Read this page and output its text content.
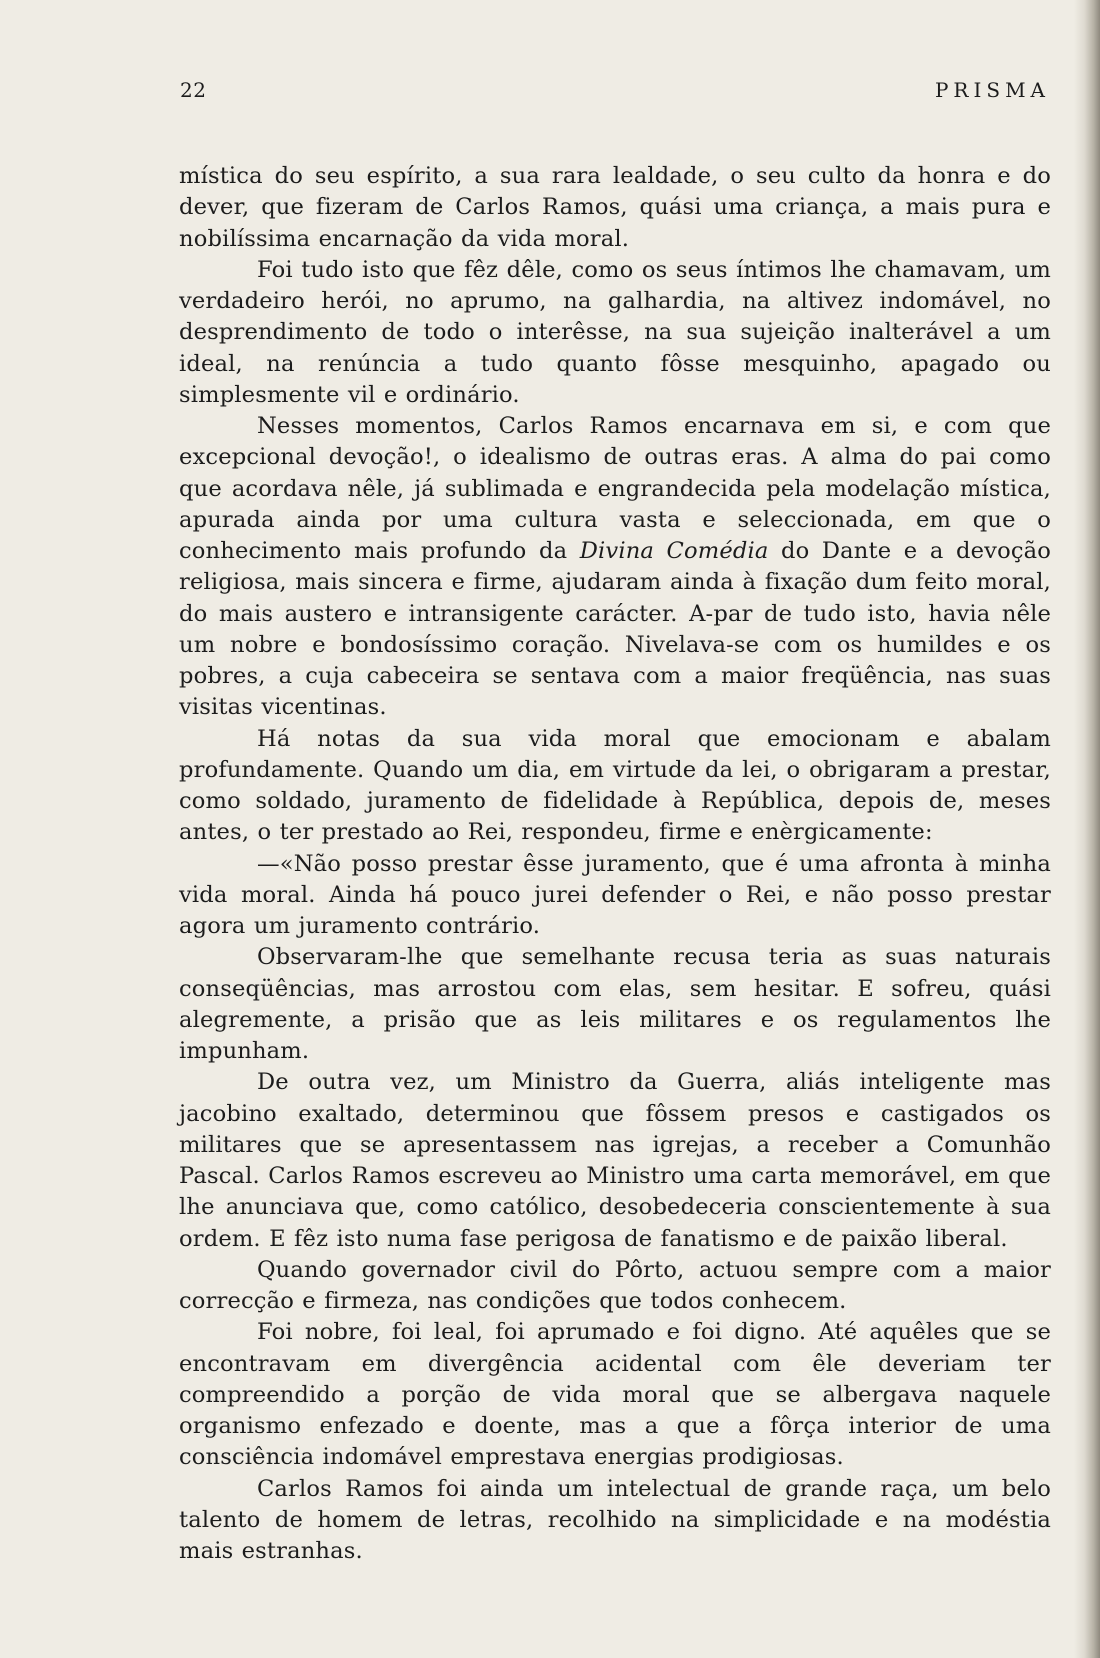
22	PRISMA

mística do seu espírito, a sua rara lealdade, o seu culto da honra e do dever, que fizeram de Carlos Ramos, quási uma criança, a mais pura e nobilíssima encarnação da vida moral.

Foi tudo isto que fêz dêle, como os seus íntimos lhe chamavam, um verdadeiro herói, no aprumo, na galhardia, na altivez indomável, no desprendimento de todo o interêsse, na sua sujeição inalterável a um ideal, na renúncia a tudo quanto fôsse mesquinho, apagado ou simplesmente vil e ordinário.

Nesses momentos, Carlos Ramos encarnava em si, e com que excepcional devoção!, o idealismo de outras eras. A alma do pai como que acordava nêle, já sublimada e engrandecida pela modelação mística, apurada ainda por uma cultura vasta e seleccionada, em que o conhecimento mais profundo da Divina Comédia do Dante e a devoção religiosa, mais sincera e firme, ajudaram ainda à fixação dum feito moral, do mais austero e intransigente carácter. A-par de tudo isto, havia nêle um nobre e bondosíssimo coração. Nivelava-se com os humildes e os pobres, a cuja cabeceira se sentava com a maior freqüência, nas suas visitas vicentinas.

Há notas da sua vida moral que emocionam e abalam profundamente. Quando um dia, em virtude da lei, o obrigaram a prestar, como soldado, juramento de fidelidade à República, depois de, meses antes, o ter prestado ao Rei, respondeu, firme e enèrgicamente:

—«Não posso prestar êsse juramento, que é uma afronta à minha vida moral. Ainda há pouco jurei defender o Rei, e não posso prestar agora um juramento contrário.

Observaram-lhe que semelhante recusa teria as suas naturais conseqüências, mas arrostou com elas, sem hesitar. E sofreu, quási alegremente, a prisão que as leis militares e os regulamentos lhe impunham.

De outra vez, um Ministro da Guerra, aliás inteligente mas jacobino exaltado, determinou que fôssem presos e castigados os militares que se apresentassem nas igrejas, a receber a Comunhão Pascal. Carlos Ramos escreveu ao Ministro uma carta memorável, em que lhe anunciava que, como católico, desobedeceria conscientemente à sua ordem. E fêz isto numa fase perigosa de fanatismo e de paixão liberal.

Quando governador civil do Pôrto, actuou sempre com a maior correcção e firmeza, nas condições que todos conhecem.

Foi nobre, foi leal, foi aprumado e foi digno. Até aquêles que se encontravam em divergência acidental com êle deveriam ter compreendido a porção de vida moral que se albergava naquele organismo enfezado e doente, mas a que a fôrça interior de uma consciência indomável emprestava energias prodigiosas.

Carlos Ramos foi ainda um intelectual de grande raça, um belo talento de homem de letras, recolhido na simplicidade e na modéstia mais estranhas.
